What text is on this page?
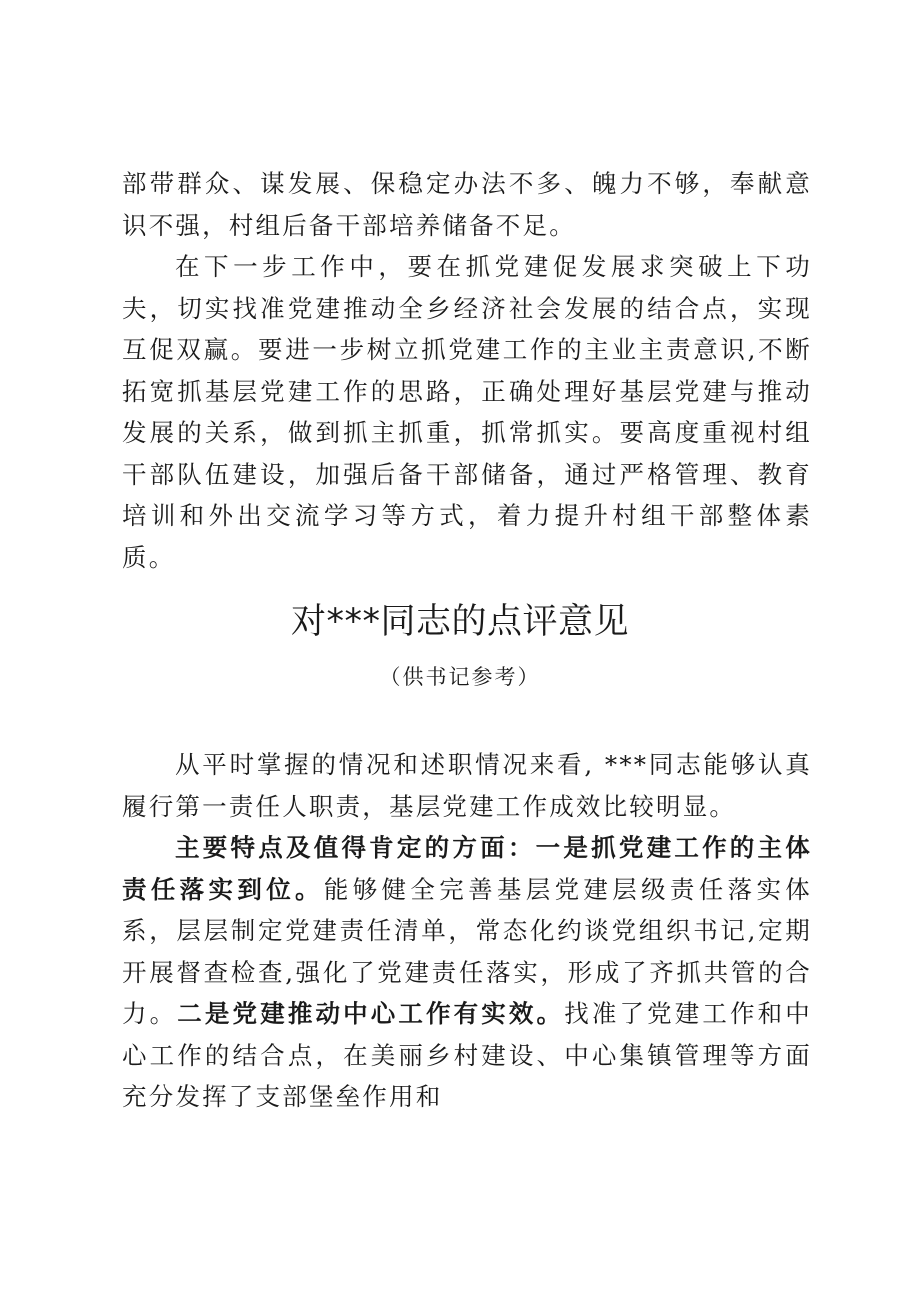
部带群众、谋发展、保稳定办法不多、魄力不够，奉献意识不强，村组后备干部培养储备不足。

在下一步工作中，要在抓党建促发展求突破上下功夫，切实找准党建推动全乡经济社会发展的结合点，实现互促双赢。要进一步树立抓党建工作的主业主责意识,不断拓宽抓基层党建工作的思路，正确处理好基层党建与推动发展的关系，做到抓主抓重，抓常抓实。要高度重视村组干部队伍建设，加强后备干部储备，通过严格管理、教育培训和外出交流学习等方式，着力提升村组干部整体素质。

对***同志的点评意见
（供书记参考）

从平时掌握的情况和述职情况来看, ***同志能够认真履行第一责任人职责，基层党建工作成效比较明显。

主要特点及值得肯定的方面：一是抓党建工作的主体责任落实到位。能够健全完善基层党建层级责任落实体系，层层制定党建责任清单，常态化约谈党组织书记,定期开展督查检查,强化了党建责任落实，形成了齐抓共管的合力。二是党建推动中心工作有实效。找准了党建工作和中心工作的结合点，在美丽乡村建设、中心集镇管理等方面充分发挥了支部堡垒作用和
